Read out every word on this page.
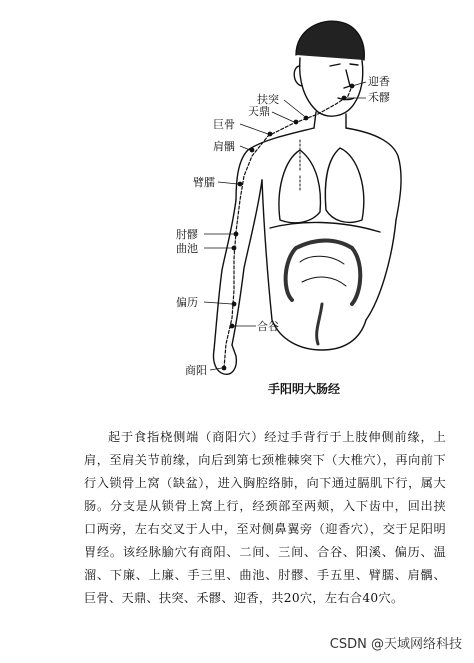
迎香
禾髎
扶突
天鼎
巨骨
肩髃
臂臑
肘髎
曲池
偏历
合谷
商阳
手阳明大肠经

起于食指桡侧端（商阳穴）经过手背行于上肢伸侧前缘，上肩，至肩关节前缘，向后到第七颈椎棘突下（大椎穴），再向前下行入锁骨上窝（缺盆），进入胸腔络肺，向下通过膈肌下行，属大肠。分支是从锁骨上窝上行，经颈部至两颊，入下齿中，回出挟口两旁，左右交叉于人中，至对侧鼻翼旁（迎香穴），交于足阳明胃经。该经脉腧穴有商阳、二间、三间、合谷、阳溪、偏历、温溜、下廉、上廉、手三里、曲池、肘髎、手五里、臂臑、肩髃、巨骨、天鼎、扶突、禾髎、迎香，共20穴，左右合40穴。

CSDN @天域网络科技
